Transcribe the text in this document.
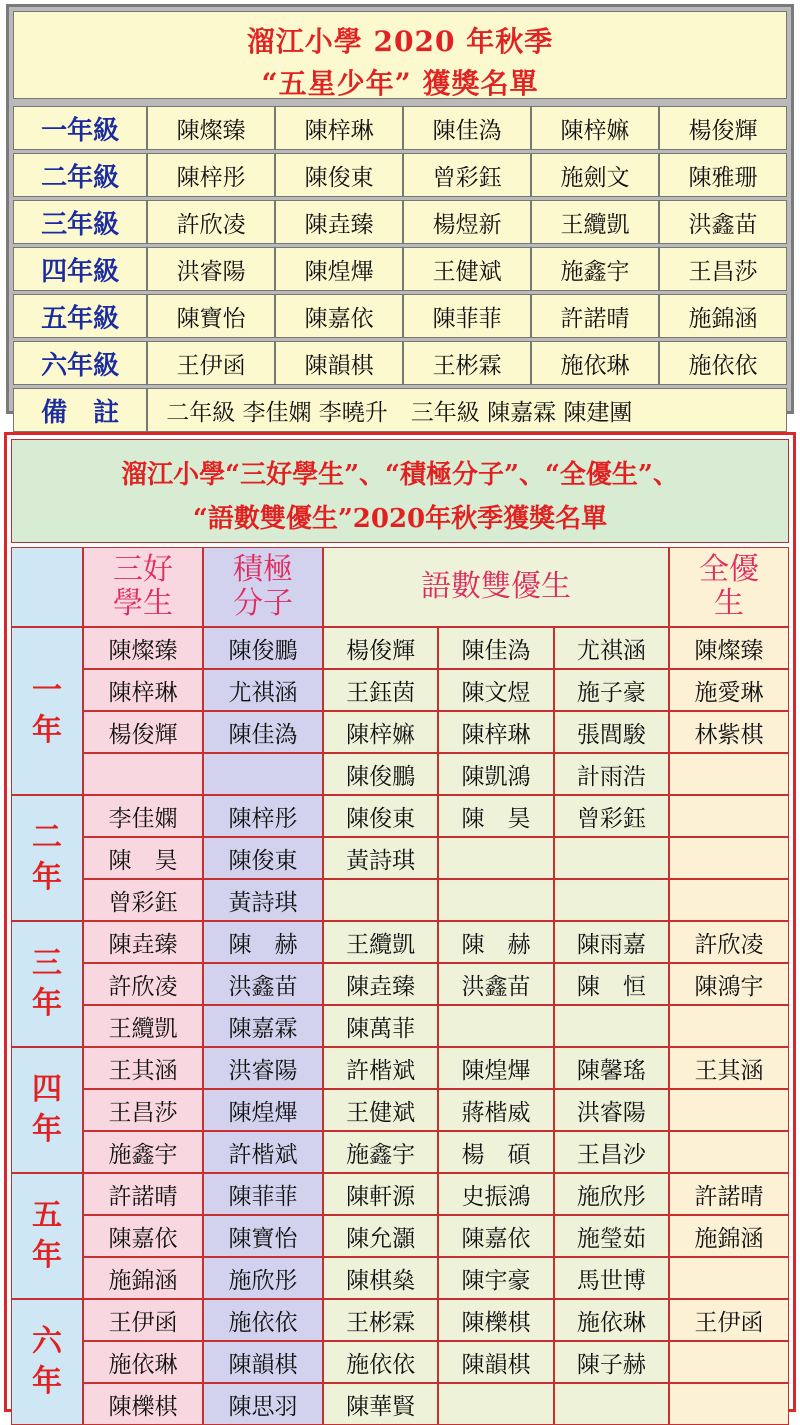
溜江小學 2020 年秋季
“五星少年” 獲獎名單
一年級	陳燦臻	陳梓琳	陳佳溈	陳梓嫲	楊俊輝
二年級	陳梓彤	陳俊東	曾彩鈺	施劍文	陳雅珊
三年級	許欣凌	陳垚臻	楊煜新	王纜凱	洪鑫苗
四年級	洪睿陽	陳煌熚	王健斌	施鑫宇	王昌莎
五年級	陳寶怡	陳嘉依	陳菲菲	許諾晴	施錦涵
六年級	王伊函	陳韻棋	王彬霖	施依琳	施依依
備　註	二年級 李佳嫻 李曉升　三年級 陳嘉霖 陳建團				
溜江小學“三好學生”、“積極分子”、“全優生”、
“語數雙優生”2020年秋季獲獎名單
	三好
學生	積極
分子	語數雙優生			全優
生
一
年	陳燦臻	陳俊鵬	楊俊輝	陳佳溈	尤祺涵	陳燦臻
	陳梓琳	尤祺涵	王鈺茵	陳文煜	施子豪	施愛琳
	楊俊輝	陳佳溈	陳梓嫲	陳梓琳	張閭駿	林紫棋
			陳俊鵬	陳凱鴻	計雨浩	
二
年	李佳嫻	陳梓彤	陳俊東	陳　昊	曾彩鈺	
	陳　昊	陳俊東	黃詩琪			
	曾彩鈺	黃詩琪				
三
年	陳垚臻	陳　赫	王纜凱	陳　赫	陳雨嘉	許欣凌
	許欣凌	洪鑫苗	陳垚臻	洪鑫苗	陳　恒	陳鴻宇
	王纜凱	陳嘉霖	陳萬菲			
四
年	王其涵	洪睿陽	許楷斌	陳煌熚	陳馨瑤	王其涵
	王昌莎	陳煌熚	王健斌	蔣楷威	洪睿陽	
	施鑫宇	許楷斌	施鑫宇	楊　碩	王昌沙	
五
年	許諾晴	陳菲菲	陳軒源	史振鴻	施欣彤	許諾晴
	陳嘉依	陳寶怡	陳允灝	陳嘉依	施瑩茹	施錦涵
	施錦涵	施欣彤	陳棋燊	陳宇豪	馬世博	
六
年	王伊函	施依依	王彬霖	陳櫟棋	施依琳	王伊函
	施依琳	陳韻棋	施依依	陳韻棋	陳子赫	
	陳櫟棋	陳思羽	陳華賢			
